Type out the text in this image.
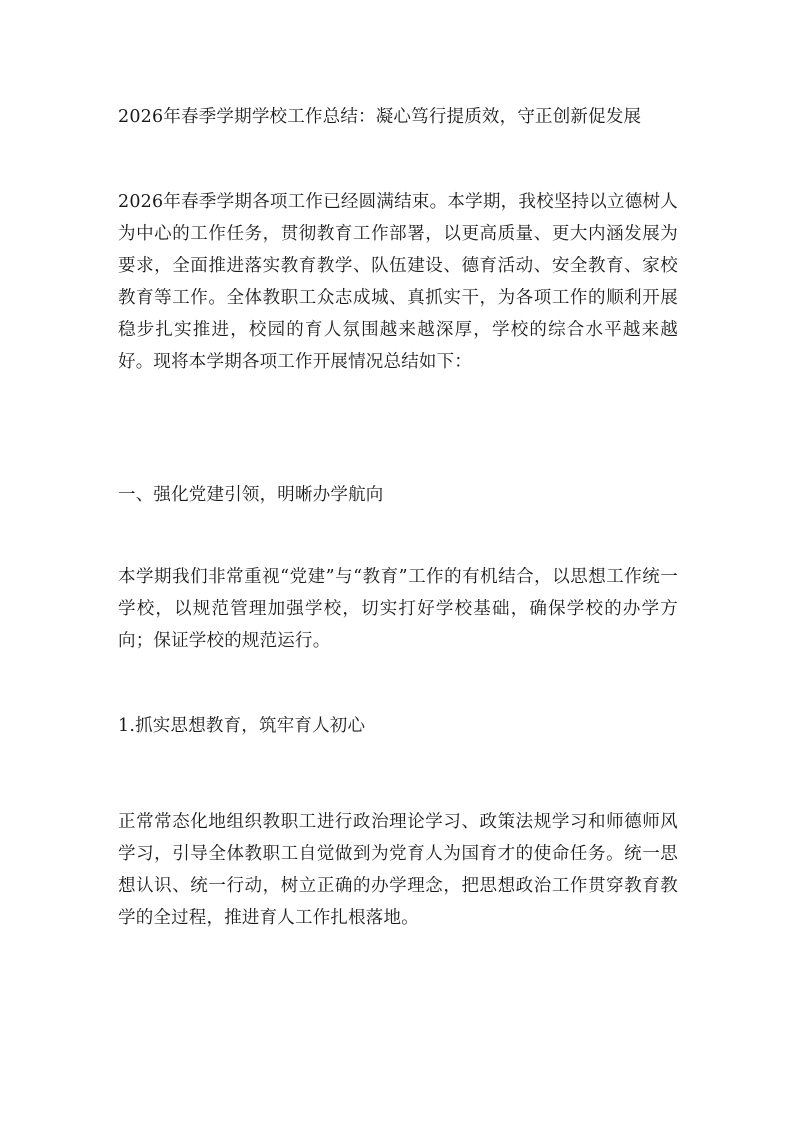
2026年春季学期学校工作总结：凝心笃行提质效，守正创新促发展

2026年春季学期各项工作已经圆满结束。本学期，我校坚持以立德树人为中心的工作任务，贯彻教育工作部署，以更高质量、更大内涵发展为要求，全面推进落实教育教学、队伍建设、德育活动、安全教育、家校教育等工作。全体教职工众志成城、真抓实干，为各项工作的顺利开展稳步扎实推进，校园的育人氛围越来越深厚，学校的综合水平越来越好。现将本学期各项工作开展情况总结如下：

一、强化党建引领，明晰办学航向

本学期我们非常重视“党建”与“教育”工作的有机结合，以思想工作统一学校，以规范管理加强学校，切实打好学校基础，确保学校的办学方向；保证学校的规范运行。

1.抓实思想教育，筑牢育人初心

正常常态化地组织教职工进行政治理论学习、政策法规学习和师德师风学习，引导全体教职工自觉做到为党育人为国育才的使命任务。统一思想认识、统一行动，树立正确的办学理念，把思想政治工作贯穿教育教学的全过程，推进育人工作扎根落地。
